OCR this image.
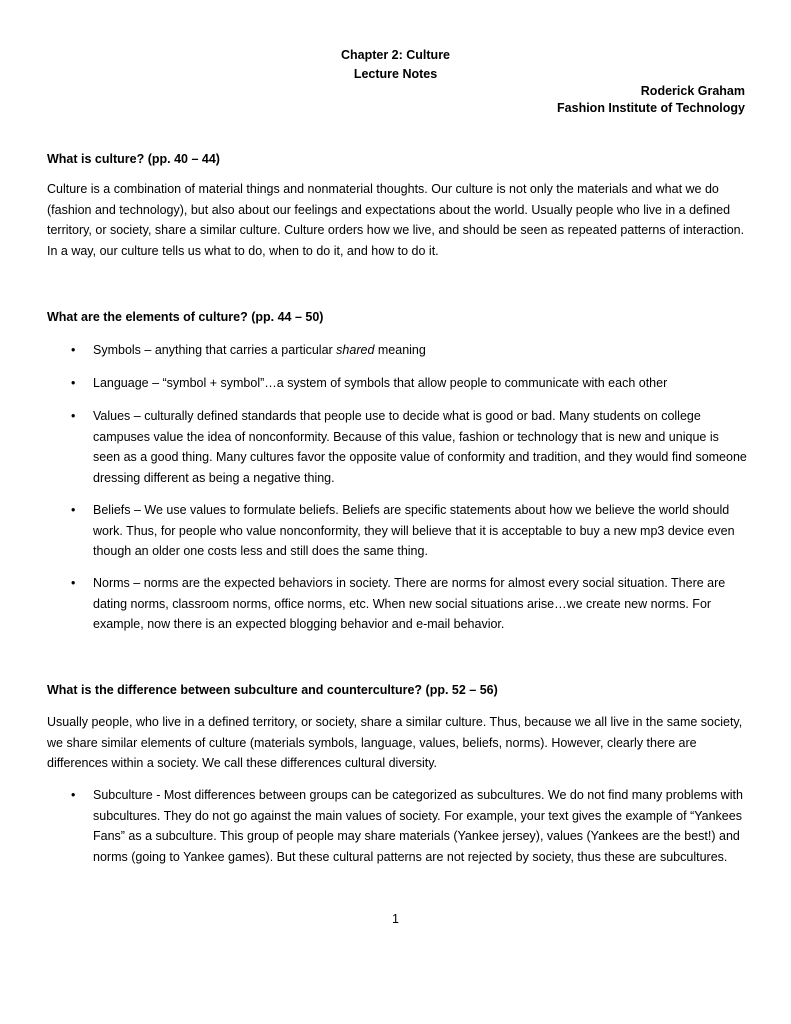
Chapter 2: Culture
Lecture Notes
Roderick Graham
Fashion Institute of Technology
What is culture? (pp. 40 – 44)
Culture is a combination of material things and nonmaterial thoughts. Our culture is not only the materials and what we do (fashion and technology), but also about our feelings and expectations about the world. Usually people who live in a defined territory, or society, share a similar culture. Culture orders how we live, and should be seen as repeated patterns of interaction. In a way, our culture tells us what to do, when to do it, and how to do it.
What are the elements of culture? (pp. 44 – 50)
• Symbols – anything that carries a particular shared meaning
• Language – “symbol + symbol”…a system of symbols that allow people to communicate with each other
• Values – culturally defined standards that people use to decide what is good or bad. Many students on college campuses value the idea of nonconformity. Because of this value, fashion or technology that is new and unique is seen as a good thing. Many cultures favor the opposite value of conformity and tradition, and they would find someone dressing different as being a negative thing.
• Beliefs – We use values to formulate beliefs. Beliefs are specific statements about how we believe the world should work. Thus, for people who value nonconformity, they will believe that it is acceptable to buy a new mp3 device even though an older one costs less and still does the same thing.
• Norms – norms are the expected behaviors in society. There are norms for almost every social situation. There are dating norms, classroom norms, office norms, etc. When new social situations arise…we create new norms. For example, now there is an expected blogging behavior and e-mail behavior.
What is the difference between subculture and counterculture? (pp. 52 – 56)
Usually people, who live in a defined territory, or society, share a similar culture. Thus, because we all live in the same society, we share similar elements of culture (materials symbols, language, values, beliefs, norms). However, clearly there are differences within a society. We call these differences cultural diversity.
• Subculture - Most differences between groups can be categorized as subcultures. We do not find many problems with subcultures. They do not go against the main values of society. For example, your text gives the example of “Yankees Fans” as a subculture. This group of people may share materials (Yankee jersey), values (Yankees are the best!) and norms (going to Yankee games). But these cultural patterns are not rejected by society, thus these are subcultures.
1
